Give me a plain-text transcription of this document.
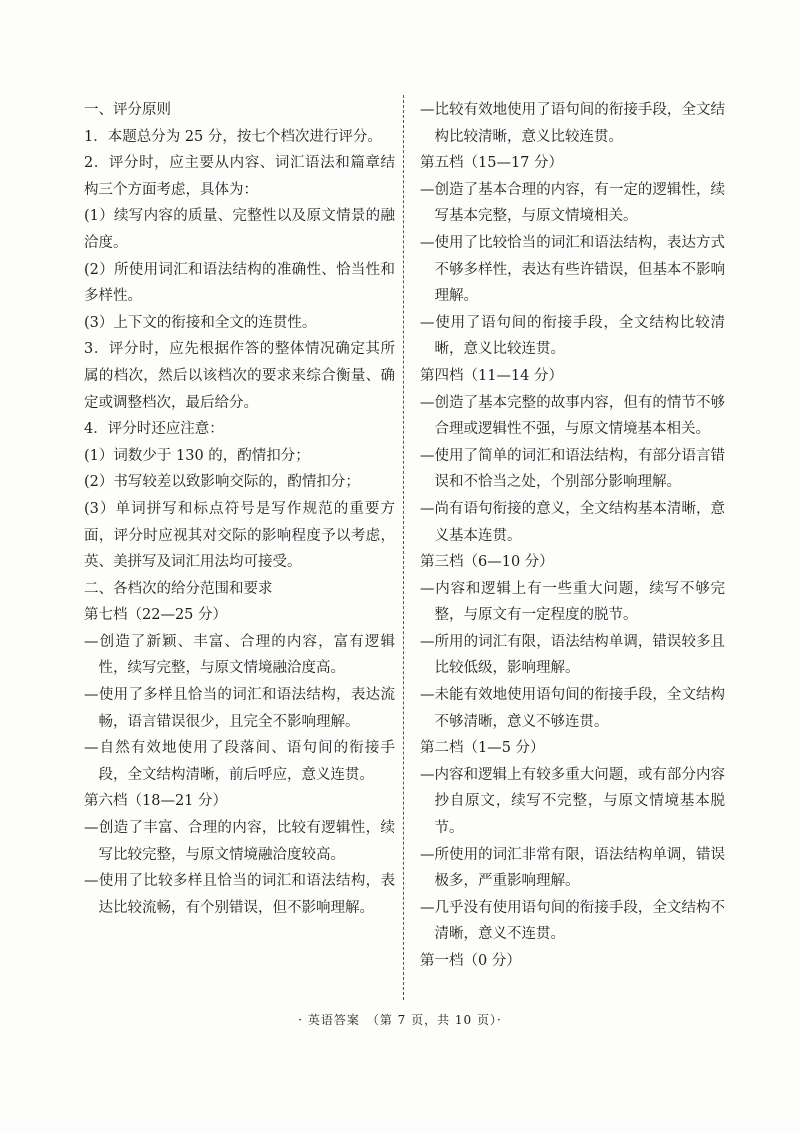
一、评分原则

1．本题总分为 25 分，按七个档次进行评分。

2．评分时，应主要从内容、词汇语法和篇章结构三个方面考虑，具体为：

(1）续写内容的质量、完整性以及原文情景的融洽度。

(2）所使用词汇和语法结构的准确性、恰当性和多样性。

(3）上下文的衔接和全文的连贯性。

3．评分时，应先根据作答的整体情况确定其所属的档次，然后以该档次的要求来综合衡量、确定或调整档次，最后给分。

4．评分时还应注意：

(1）词数少于 130 的，酌情扣分；

(2）书写较差以致影响交际的，酌情扣分；

(3）单词拼写和标点符号是写作规范的重要方面，评分时应视其对交际的影响程度予以考虑，英、美拼写及词汇用法均可接受。

二、各档次的给分范围和要求

第七档（22—25 分）

—创造了新颖、丰富、合理的内容，富有逻辑性，续写完整，与原文情境融洽度高。

—使用了多样且恰当的词汇和语法结构，表达流畅，语言错误很少，且完全不影响理解。

—自然有效地使用了段落间、语句间的衔接手段，全文结构清晰，前后呼应，意义连贯。

第六档（18—21 分）

—创造了丰富、合理的内容，比较有逻辑性，续写比较完整，与原文情境融洽度较高。

—使用了比较多样且恰当的词汇和语法结构，表达比较流畅，有个别错误，但不影响理解。

—比较有效地使用了语句间的衔接手段，全文结构比较清晰，意义比较连贯。

第五档（15—17 分）

—创造了基本合理的内容，有一定的逻辑性，续写基本完整，与原文情境相关。

—使用了比较恰当的词汇和语法结构，表达方式不够多样性，表达有些许错误，但基本不影响理解。

—使用了语句间的衔接手段，全文结构比较清晰，意义比较连贯。

第四档（11—14 分）

—创造了基本完整的故事内容，但有的情节不够合理或逻辑性不强，与原文情境基本相关。

—使用了简单的词汇和语法结构，有部分语言错误和不恰当之处，个别部分影响理解。

—尚有语句衔接的意义，全文结构基本清晰，意义基本连贯。

第三档（6—10 分）

—内容和逻辑上有一些重大问题，续写不够完整，与原文有一定程度的脱节。

—所用的词汇有限，语法结构单调，错误较多且比较低级，影响理解。

—未能有效地使用语句间的衔接手段，全文结构不够清晰，意义不够连贯。

第二档（1—5 分）

—内容和逻辑上有较多重大问题，或有部分内容抄自原文，续写不完整，与原文情境基本脱节。

—所使用的词汇非常有限，语法结构单调，错误极多，严重影响理解。

—几乎没有使用语句间的衔接手段，全文结构不清晰，意义不连贯。

第一档（0 分）

· 英语答案　（第 7 页，共 10 页）·
